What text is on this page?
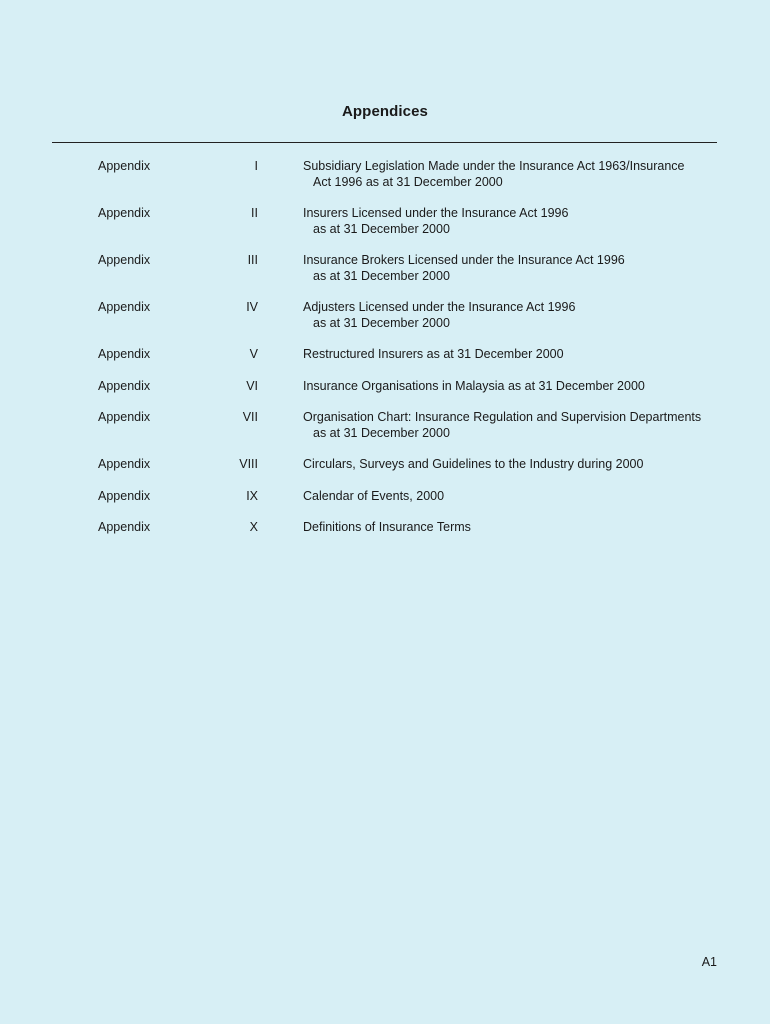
Appendices
Appendix	I	Subsidiary Legislation Made under the Insurance Act 1963/Insurance
Act 1996 as at 31 December 2000
Appendix	II	Insurers Licensed under the Insurance Act 1996
as at 31 December 2000
Appendix	III	Insurance Brokers Licensed under the Insurance Act 1996
as at 31 December 2000
Appendix	IV	Adjusters Licensed under the Insurance Act 1996
as at 31 December 2000
Appendix	V	Restructured Insurers as at 31 December 2000
Appendix	VI	Insurance Organisations in Malaysia as at 31 December 2000
Appendix	VII	Organisation Chart: Insurance Regulation and Supervision Departments
as at 31 December 2000
Appendix	VIII	Circulars, Surveys and Guidelines to the Industry during 2000
Appendix	IX	Calendar of Events, 2000
Appendix	X	Definitions of Insurance Terms
A1
